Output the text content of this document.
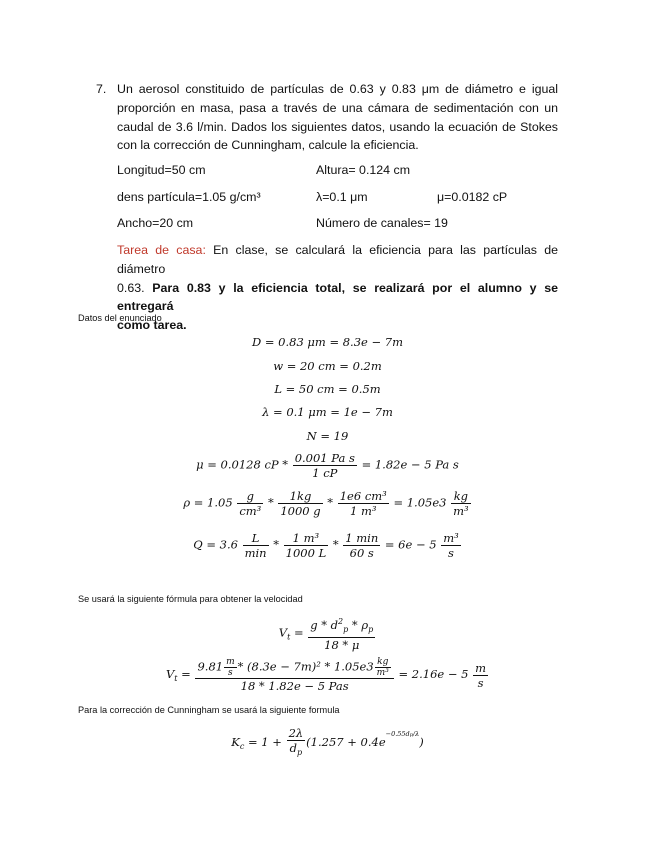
7. Un aerosol constituido de partículas de 0.63 y 0.83 μm de diámetro e igual
proporción en masa, pasa a través de una cámara de sedimentación con un
caudal de 3.6 l/min. Dados los siguientes datos, usando la ecuación de Stokes
con la corrección de Cunningham, calcule la eficiencia.
Longitud=50 cm	Altura= 0.124 cm
dens partícula=1.05 g/cm³	λ=0.1 μm	μ=0.0182 cP
Ancho=20 cm	Número de canales= 19
Tarea de casa: En clase, se calculará la eficiencia para las partículas de diámetro
0.63. Para 0.83 y la eficiencia total, se realizará por el alumno y se entregará
como tarea.
Datos del enunciado
D = 0.83 μm = 8.3e − 7m
w = 20 cm = 0.2m
L = 50 cm = 0.5m
λ = 0.1 μm = 1e − 7m
N = 19
μ = 0.0128 cP * $\frac{\text{0.001 Pa s}}{1 cP} = 1.82e - 5$ Pa s
$\rho = 1.05 \frac{g}{\text{cm³}} * \frac{1kg}{1000 g} * \frac{\text{1e6 cm³}}{\text{1 m³}} = 1.05e3 \frac{kg}{\text{m³}}$
$Q = 3.6 \frac{L}{\min} * \frac{\text{1 m³}}{1000 L} * \frac{1 \min}{60 s} = 6e - 5 \frac{\text{m³}}{s}$
Se usará la siguiente fórmula para obtener la velocidad
$V_t = \frac{g * d^2_p * \rho_p}{18 * \mu}$
$V_t = \frac{9.81 \frac{m}{s} * (8.3e - 7m)^2 * 1.05e3 \frac{kg}{\text{m³}}}{\text{18 * 1.82e − 5 Pas}} = 2.16e - 5 \frac{m}{s}$
Para la corrección de Cunningham se usará la siguiente formula
$K_c = 1 + \frac{2\lambda}{d_p} (1.257 + 0.4e^{-0.55dp/\lambda})$
